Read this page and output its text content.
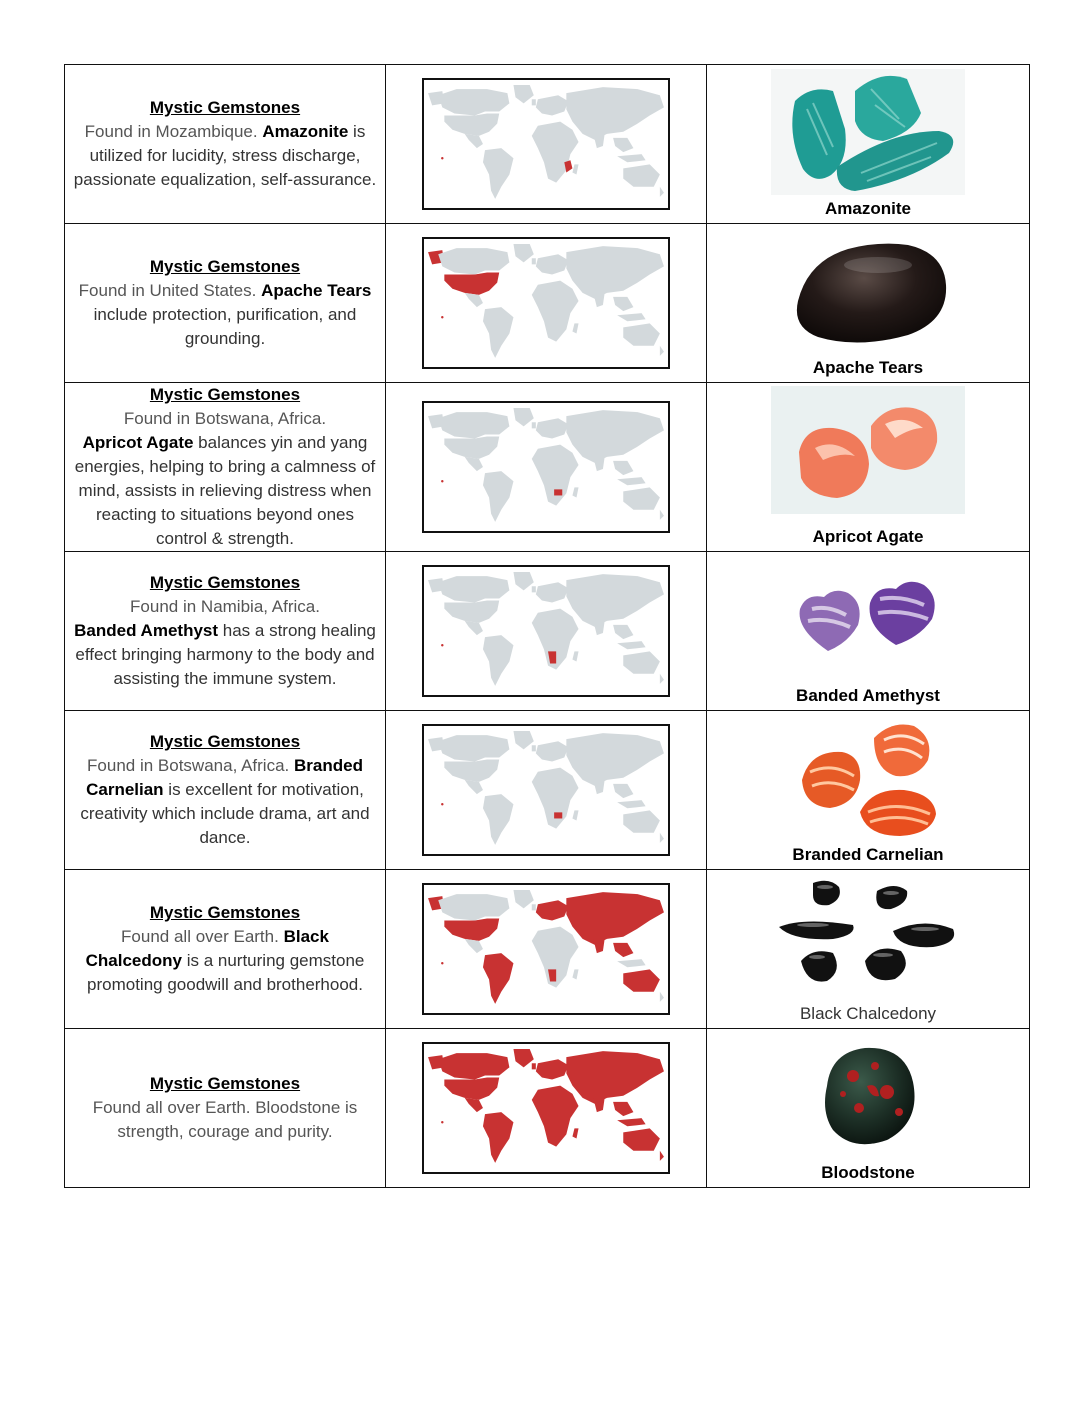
Mystic Gemstones
Found in Mozambique. Amazonite is utilized for lucidity, stress discharge, passionate equalization, self-assurance.		Amazonite

Mystic Gemstones
Found in United States. Apache Tears include protection, purification, and grounding.		Apache Tears

Mystic Gemstones
Found in Botswana, Africa.
Apricot Agate balances yin and yang energies, helping to bring a calmness of mind, assists in relieving distress when reacting to situations beyond ones control & strength.		Apricot Agate

Mystic Gemstones
Found in Namibia, Africa.
Banded Amethyst has a strong healing effect bringing harmony to the body and assisting the immune system.		Banded Amethyst

Mystic Gemstones
Found in Botswana, Africa. Branded Carnelian is excellent for motivation, creativity which include drama, art and dance.		Branded Carnelian

Mystic Gemstones
Found all over Earth. Black Chalcedony is a nurturing gemstone promoting goodwill and brotherhood.		Black Chalcedony

Mystic Gemstones
Found all over Earth. Bloodstone is strength, courage and purity.		Bloodstone
